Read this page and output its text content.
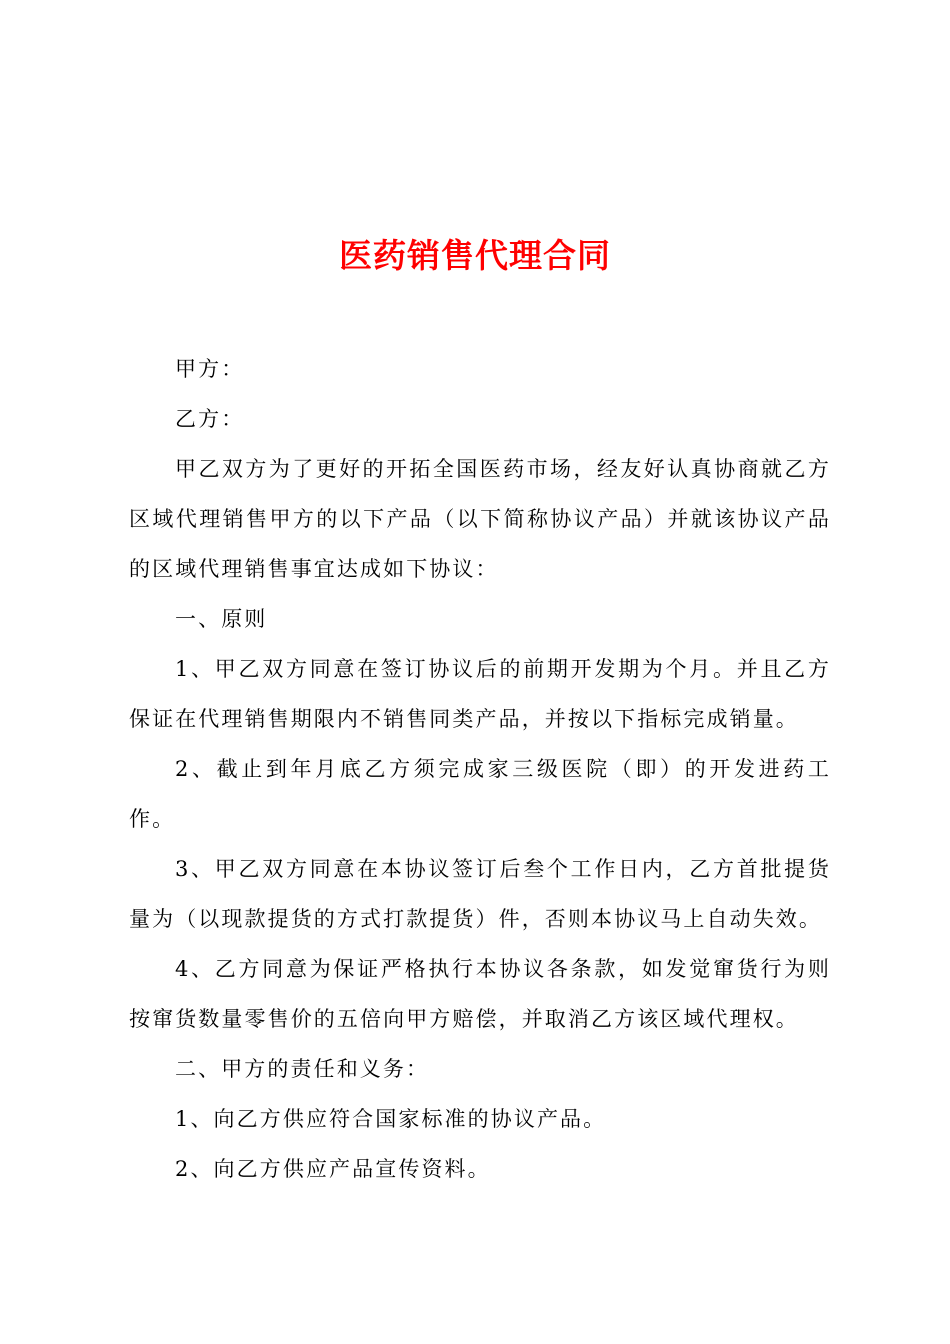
医药销售代理合同

甲方：

乙方：

甲乙双方为了更好的开拓全国医药市场，经友好认真协商就乙方区域代理销售甲方的以下产品（以下简称协议产品）并就该协议产品的区域代理销售事宜达成如下协议：

一、原则

1、甲乙双方同意在签订协议后的前期开发期为个月。并且乙方保证在代理销售期限内不销售同类产品，并按以下指标完成销量。

2、截止到年月底乙方须完成家三级医院（即）的开发进药工作。

3、甲乙双方同意在本协议签订后叁个工作日内，乙方首批提货量为（以现款提货的方式打款提货）件，否则本协议马上自动失效。

4、乙方同意为保证严格执行本协议各条款，如发觉窜货行为则按窜货数量零售价的五倍向甲方赔偿，并取消乙方该区域代理权。

二、甲方的责任和义务：

1、向乙方供应符合国家标准的协议产品。

2、向乙方供应产品宣传资料。
